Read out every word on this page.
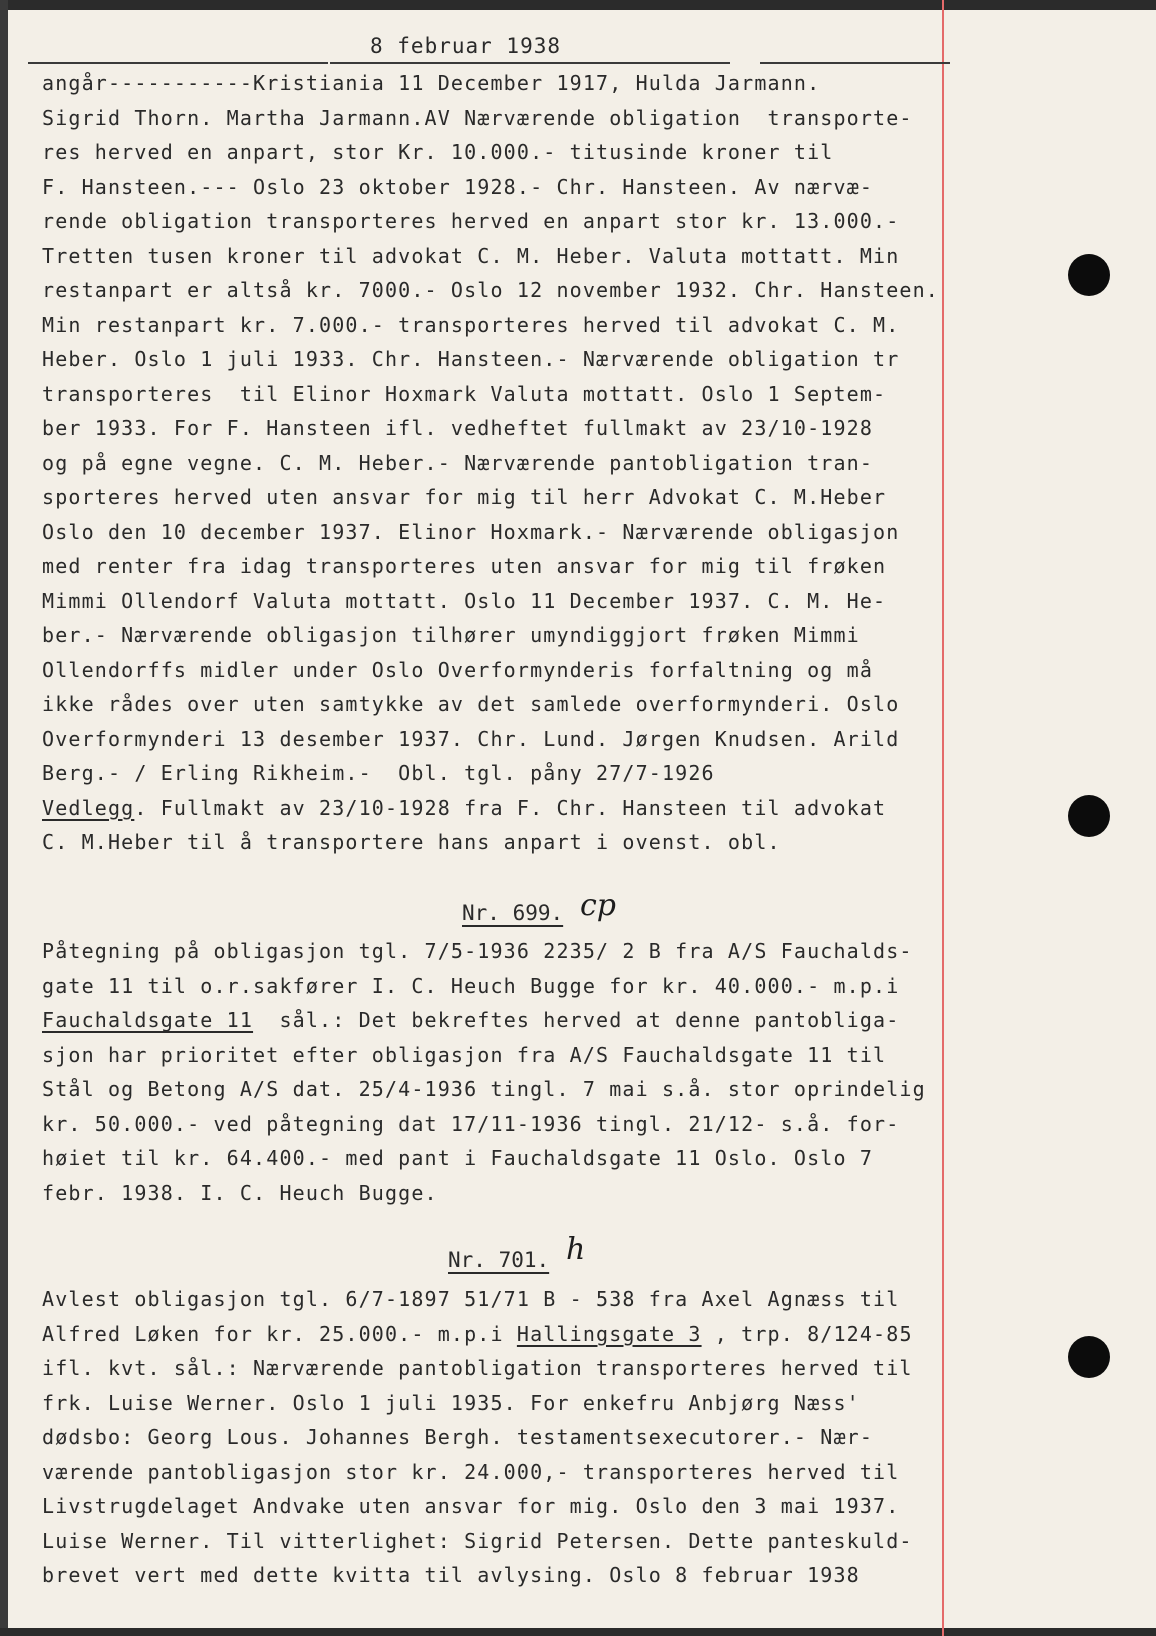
8 februar 1938
angår-----------Kristiania 11 December 1917, Hulda Jarmann.
Sigrid Thorn. Martha Jarmann.AV Nærværende obligation  transporte-
res herved en anpart, stor Kr. 10.000.- titusinde kroner til
F. Hansteen.--- Oslo 23 oktober 1928.- Chr. Hansteen. Av nærvæ-
rende obligation transporteres herved en anpart stor kr. 13.000.-
Tretten tusen kroner til advokat C. M. Heber. Valuta mottatt. Min
restanpart er altså kr. 7000.- Oslo 12 november 1932. Chr. Hansteen.
Min restanpart kr. 7.000.- transporteres herved til advokat C. M.
Heber. Oslo 1 juli 1933. Chr. Hansteen.- Nærværende obligation tr
transporteres  til Elinor Hoxmark Valuta mottatt. Oslo 1 Septem-
ber 1933. For F. Hansteen ifl. vedheftet fullmakt av 23/10-1928
og på egne vegne. C. M. Heber.- Nærværende pantobligation tran-
sporteres herved uten ansvar for mig til herr Advokat C. M.Heber
Oslo den 10 december 1937. Elinor Hoxmark.- Nærværende obligasjon
med renter fra idag transporteres uten ansvar for mig til frøken
Mimmi Ollendorf Valuta mottatt. Oslo 11 December 1937. C. M. He-
ber.- Nærværende obligasjon tilhører umyndiggjort frøken Mimmi
Ollendorffs midler under Oslo Overformynderis forfaltning og må
ikke rådes over uten samtykke av det samlede overformynderi. Oslo
Overformynderi 13 desember 1937. Chr. Lund. Jørgen Knudsen. Arild
Berg.- / Erling Rikheim.-  Obl. tgl. påny 27/7-1926
Vedlegg. Fullmakt av 23/10-1928 fra F. Chr. Hansteen til advokat
C. M.Heber til å transportere hans anpart i ovenst. obl.
Nr. 699. cp
Påtegning på obligasjon tgl. 7/5-1936 2235/ 2 B fra A/S Fauchalds-
gate 11 til o.r.sakfører I. C. Heuch Bugge for kr. 40.000.- m.p.i
Fauchaldsgate 11  sål.: Det bekreftes herved at denne pantobliga-
sjon har prioritet efter obligasjon fra A/S Fauchaldsgate 11 til
Stål og Betong A/S dat. 25/4-1936 tingl. 7 mai s.å. stor oprindelig
kr. 50.000.- ved påtegning dat 17/11-1936 tingl. 21/12- s.å. for-
høiet til kr. 64.400.- med pant i Fauchaldsgate 11 Oslo. Oslo 7
febr. 1938. I. C. Heuch Bugge.
Nr. 701. h
Avlest obligasjon tgl. 6/7-1897 51/71 B - 538 fra Axel Agnæss til
Alfred Løken for kr. 25.000.- m.p.i Hallingsgate 3 , trp. 8/124-85
ifl. kvt. sål.: Nærværende pantobligation transporteres herved til
frk. Luise Werner. Oslo 1 juli 1935. For enkefru Anbjørg Næss'
dødsbo: Georg Lous. Johannes Bergh. testamentsexecutorer.- Nær-
værende pantobligasjon stor kr. 24.000,- transporteres herved til
Livstrugdelaget Andvake uten ansvar for mig. Oslo den 3 mai 1937.
Luise Werner. Til vitterlighet: Sigrid Petersen. Dette panteskuld-
brevet vert med dette kvitta til avlysing. Oslo 8 februar 1938
